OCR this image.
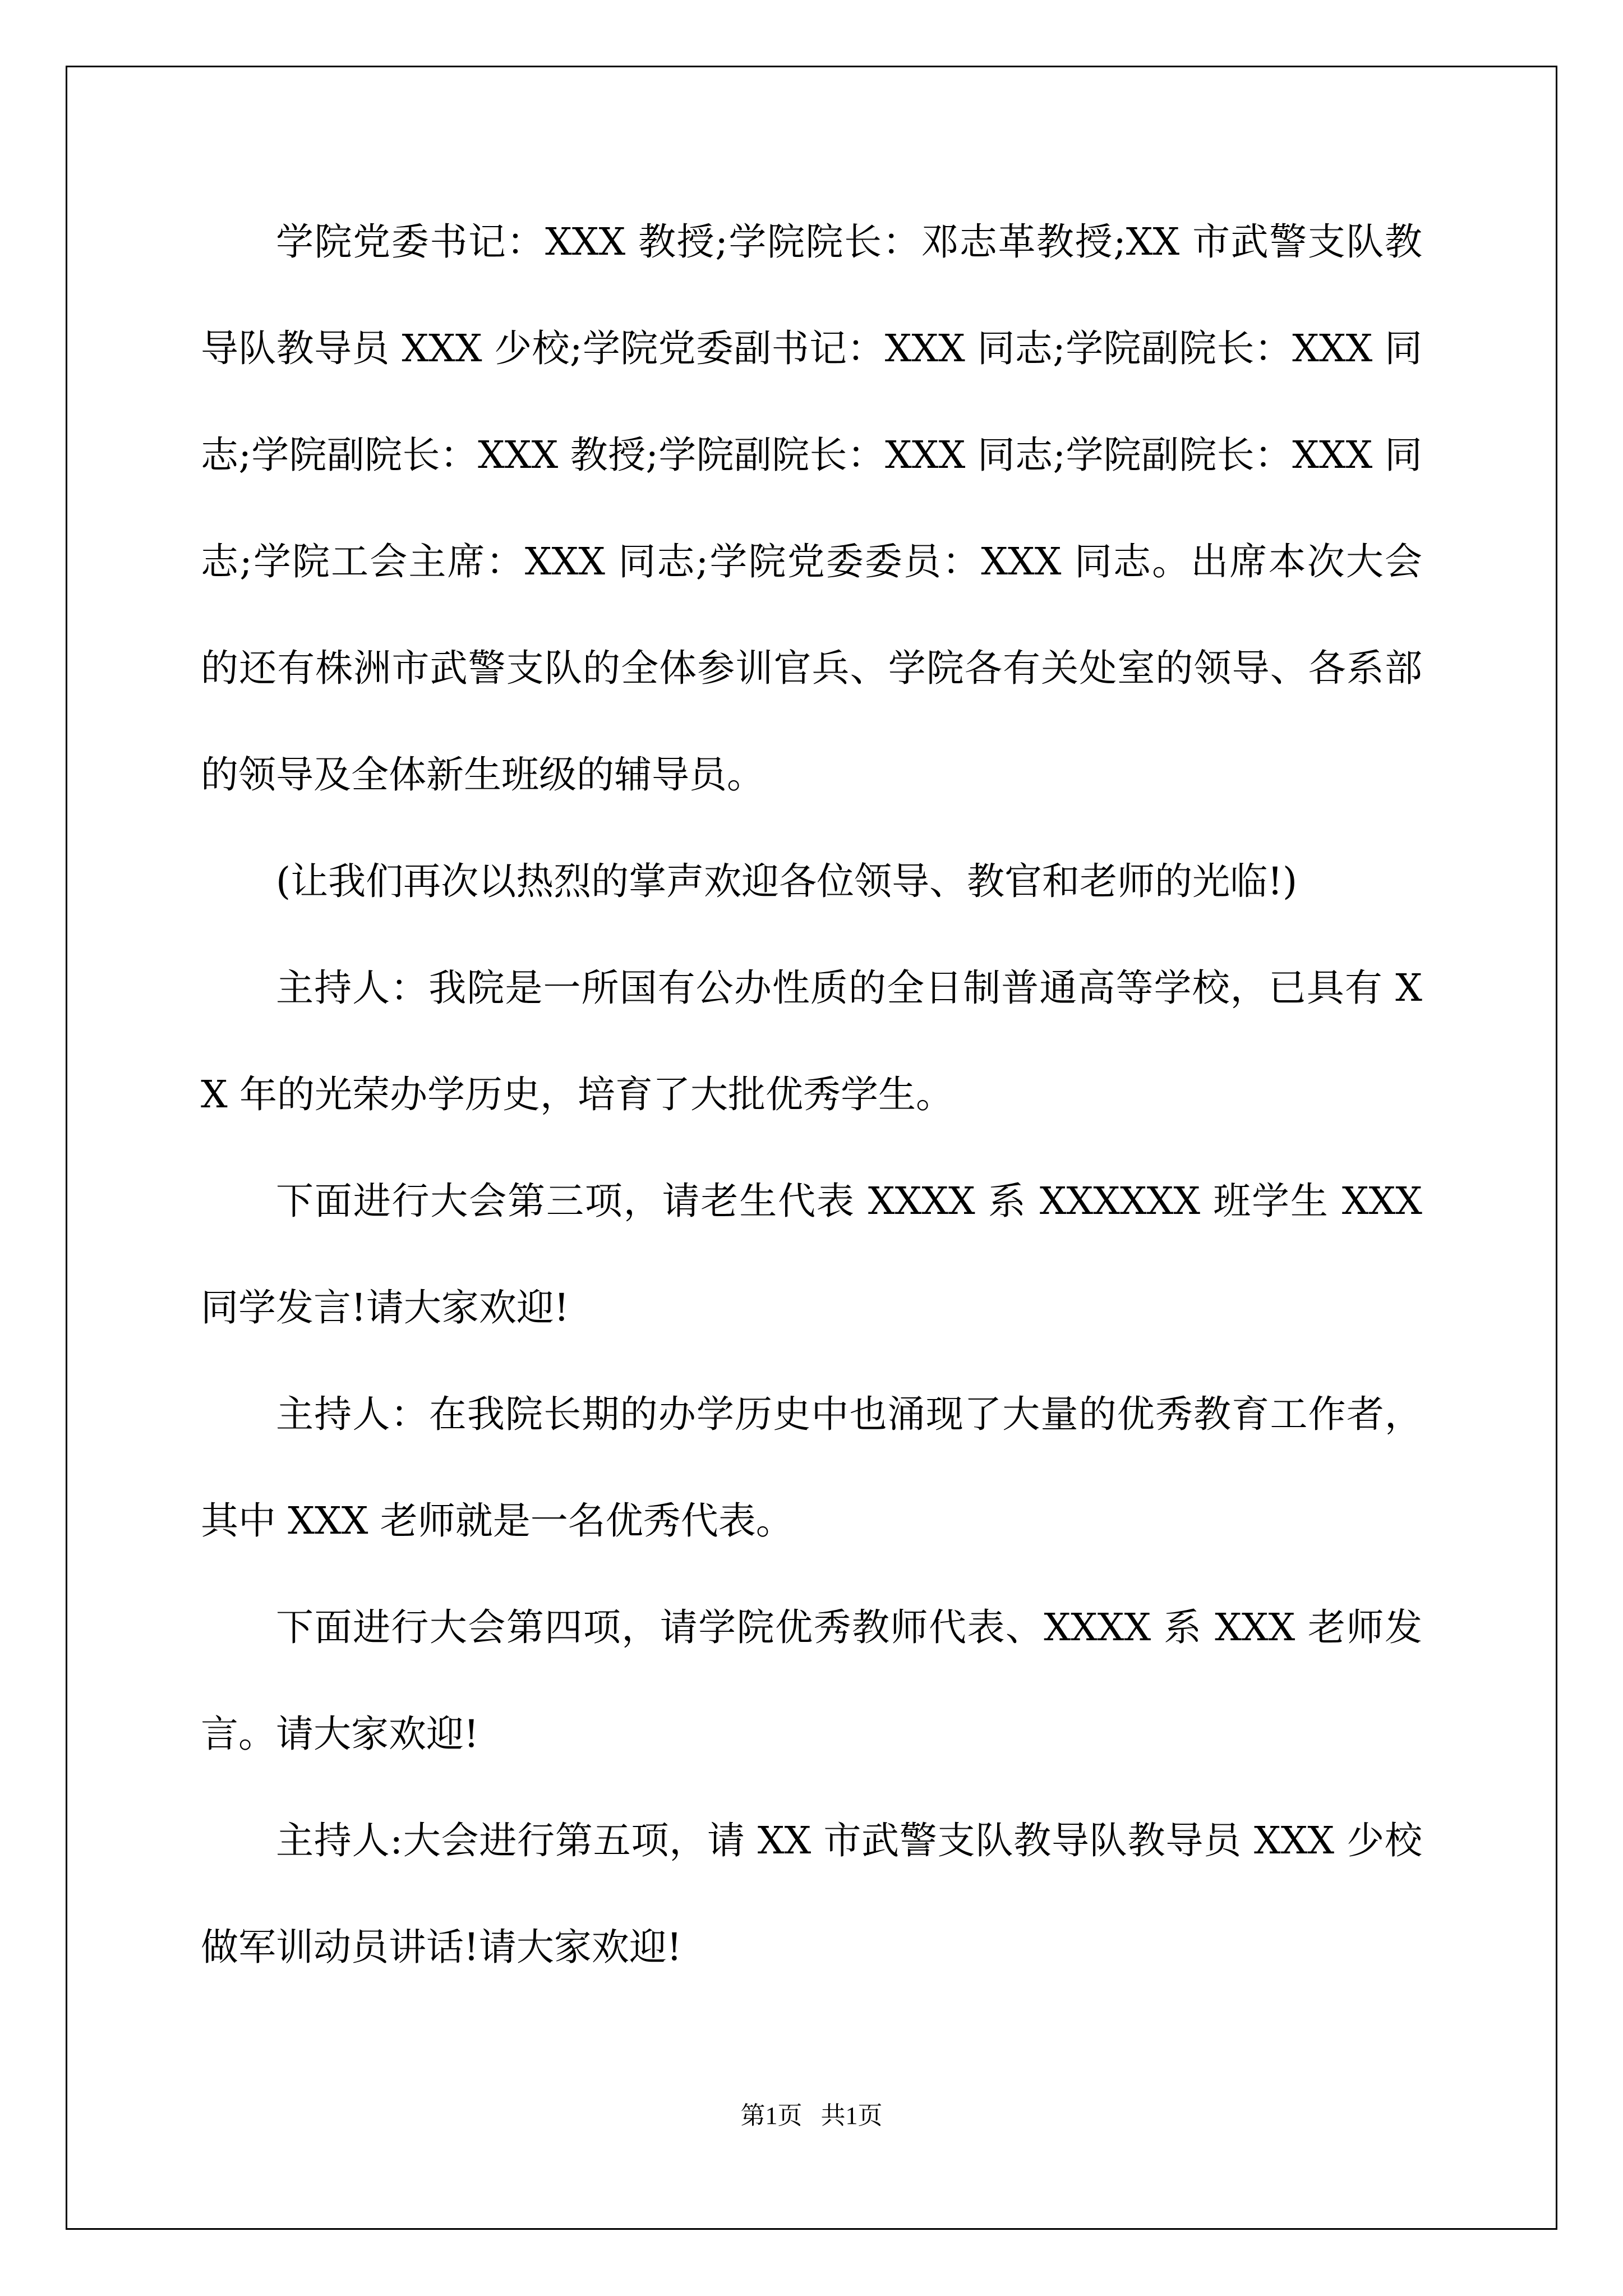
学院党委书记：XXX 教授;学院院长：邓志革教授;XX 市武警支队教导队教导员 XXX 少校;学院党委副书记：XXX 同志;学院副院长：XXX 同志;学院副院长：XXX 教授;学院副院长：XXX 同志;学院副院长：XXX 同志;学院工会主席：XXX 同志;学院党委委员：XXX 同志。出席本次大会的还有株洲市武警支队的全体参训官兵、学院各有关处室的领导、各系部的领导及全体新生班级的辅导员。

(让我们再次以热烈的掌声欢迎各位领导、教官和老师的光临!)

主持人：我院是一所国有公办性质的全日制普通高等学校，已具有 XX 年的光荣办学历史，培育了大批优秀学生。

下面进行大会第三项，请老生代表 XXXX 系 XXXXXX 班学生 XXX 同学发言!请大家欢迎!

主持人：在我院长期的办学历史中也涌现了大量的优秀教育工作者，其中 XXX 老师就是一名优秀代表。

下面进行大会第四项，请学院优秀教师代表、XXXX 系 XXX 老师发言。请大家欢迎!

主持人:大会进行第五项，请 XX 市武警支队教导队教导员 XXX 少校做军训动员讲话!请大家欢迎!

第1页 共1页
